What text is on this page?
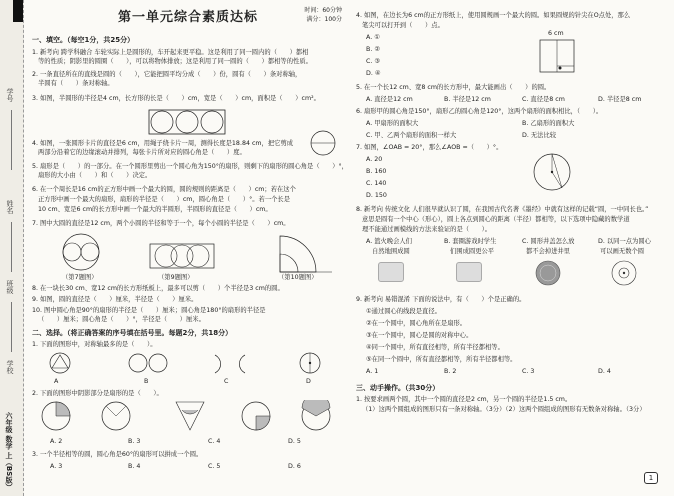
学号
姓名
班级
学校
六年级 数学 上（BS版）
第一单元综合素质达标	时间：60分钟
满分：100分
一、填空。（每空1分，共25分）
1. 新考向 跨学科融合 车轮实际上是圆形的，车开起来更平稳。这是利用了同一圆内的（　　）都相
等的性质；阴影里的圆圈（　　），可以将物体排放；这是利用了同一圆的（　　）都相等的性质。
2. 一条直径所在的直线是圆的（　　），它能把圆平均分成（　　）份，圆有（　　）条对称轴，
半圆有（　　）条对称轴。
3. 如图，半圆形的半径是4 cm，长方形的长是（　　）cm，宽是（　　）cm，面积是（　　）cm²。
4. 如图，一张圆形卡片的直径是6 cm，用绳子绕卡片一周，测得长度是18.84 cm，把它剪成
两部分沿着它的边缘滚动并排列，每张卡片所对应的圆心角是（　　）度。
5. 扇形是（　　）的一部分。在一个圆形里剪出一个圆心角为150°的扇形，则剩下的扇形的圆心角是（　　）°，
扇形的大小由（　　）和（　　）决定。
6. 在一个周长是16 cm的正方形中画一个最大的圆，圆的规则的距离是（　　）cm；若在这个
正方形中画一个最大的扇形，扇形的半径是（　　）cm，圆心角是（　　）°。若一个长是
10 cm、宽是6 cm的长方形中画一个最大的半圆形，半圆形的直径是（　　）cm。
7. 图中大圆的直径是12 cm，两个小圆的半径和等于一个，每个小圆的半径是（　　）cm。
（第7题图）	（第9题图）	（第10题图）
8. 在一块长30 cm、宽12 cm的长方形纸板上，最多可以剪（　　）个半径是3 cm的圆。
9. 如图，圆的直径是（　　）厘米，半径是（　　）厘米。
10. 图中圆心角是90°的扇形的半径是（　　）厘米；圆心角是180°的扇形的半径是
（　　）厘米；圆心角是（　　）°，半径是（　　）厘米。
二、选择。（将正确答案的序号填在括号里。每题2分，共18分）
1. 下面的图形中，对称轴最多的是（　　）。
A	B	C	D
2. 下面的图形中阴影部分是扇形的是（　　）。
A. 2	B. 3	C. 4	D. 5
3. 一个半径相等的圆，圆心角是60°的扇形可以拼成一个圆。
A. 3	B. 4	C. 5	D. 6
4. 如图，在边长为6 cm的正方形纸上，使用圆规画一个最大的圆。如果圆规的针尖在O点处，那么
笔尖可以打开到（　　）点。
A. ①
B. ②
C. ③
D. ④
6 cm
5. 在一个长12 cm、宽8 cm的长方形中，最大能画出（　　）的圆。
A. 直径是12 cm	B. 半径是12 cm	C. 直径是8 cm	D. 半径是8 cm
6. 扇形甲的圆心角是150°，扇形乙的圆心角是120°，这两个扇形的面积相比，（　　）。
A. 甲扇形的面积大	B. 乙扇形的面积大
C. 甲、乙两个扇形的面积一样大	D. 无法比较
7. 如图，∠OAB = 20°，那么∠AOB =（　　）°。
A. 20
B. 160
C. 140
D. 150
8. 新考向 传统文化 人们很早就认识了圆，在我国古代名著《墨经》中就有这样的记载“圆，一中同长也。”
意思是圆有一个中心（形心），圆上各点到圆心的距离（半径）都相等，以下选项中隐藏的数学道
理不能通过画模线的方法来验证的是（　　）。
A. 篮火晚会人们	B. 套圈游戏时学生	C. 圆形井盖怎么放	D. 以同一点为圆心
自然地围成圆	们围成圆更公平	都不会掉进井里	可以画无数个圆
9. 新考向 易错混淆 下面的说法中，有（　　）个是正确的。
①通过圆心的线段是直径。
②在一个圆中，圆心角所在是扇形。
③在一个圆中，圆心是圆的对称中心。
④同一个圆中，所有直径相等，所有半径都相等。
⑤在同一个圆中，所有直径都相等，所有半径都相等。
A. 1	B. 2	C. 3	D. 4
三、动手操作。（共30分）
1. 按要求画两个圆，其中一个圆的直径是2 cm，另一个圆的半径是1.5 cm。
（1）这两个圆组成的图形只有一条对称轴。（3分）（2）这两个圆组成的图形有无数条对称轴。（3分）
1
